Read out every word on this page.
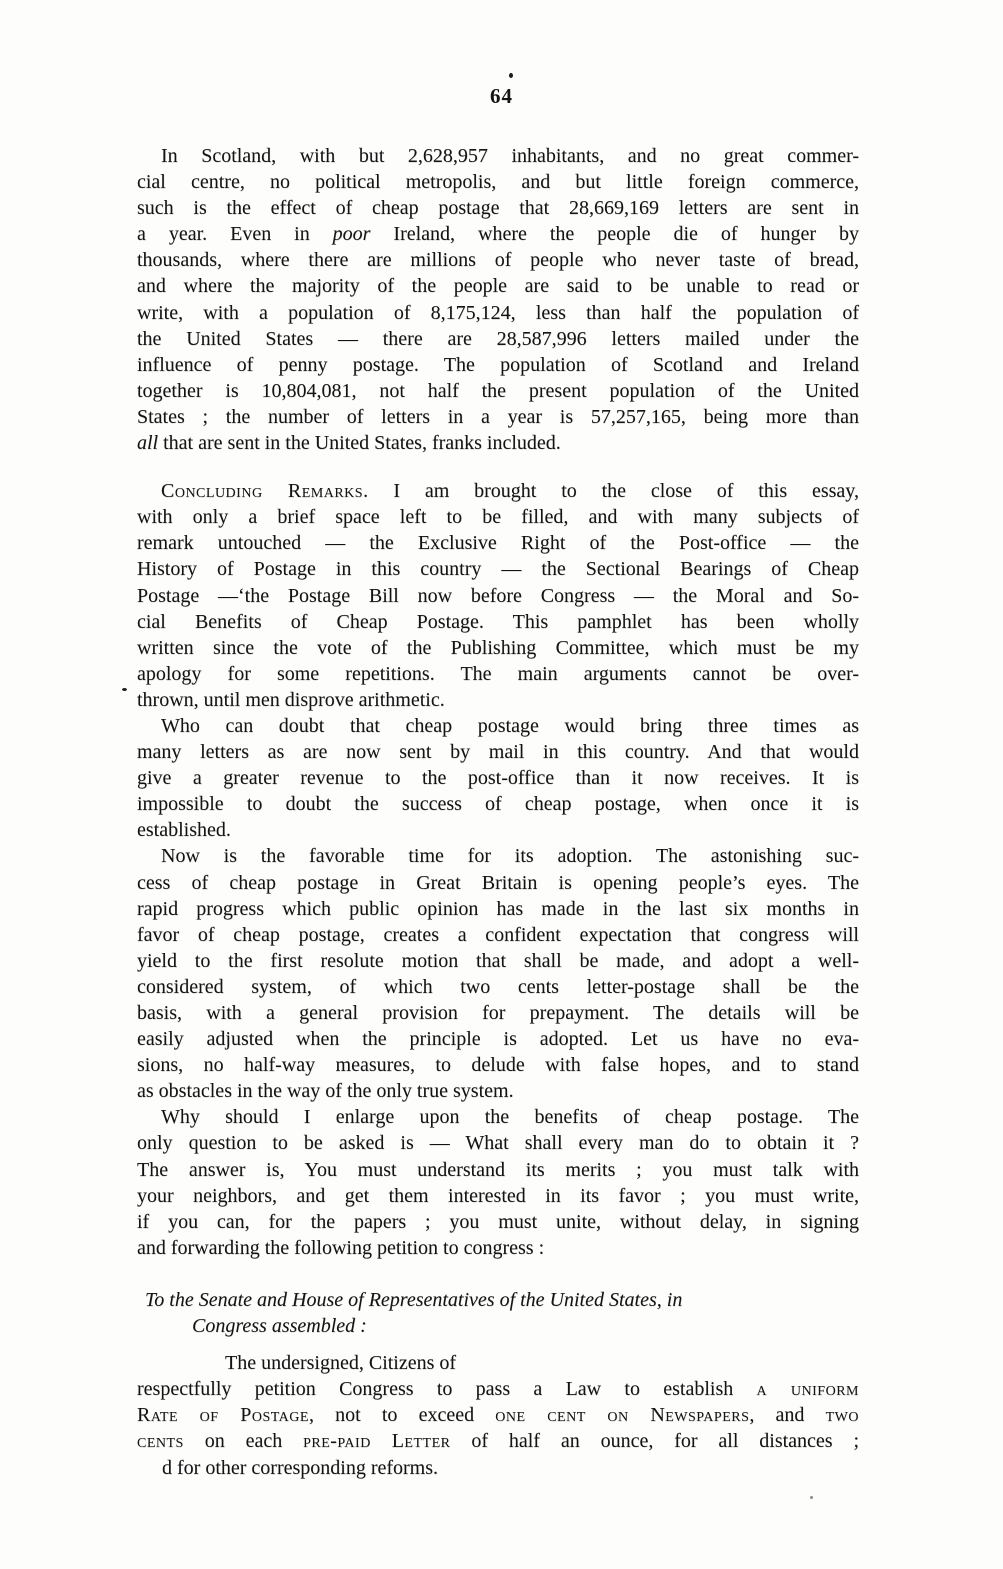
64
In Scotland, with but 2,628,957 inhabitants, and no great commer-
cial centre, no political metropolis, and but little foreign commerce,
such is the effect of cheap postage that 28,669,169 letters are sent in
a year. Even in poor Ireland, where the people die of hunger by
thousands, where there are millions of people who never taste of bread,
and where the majority of the people are said to be unable to read or
write, with a population of 8,175,124, less than half the population of
the United States — there are 28,587,996 letters mailed under the
influence of penny postage. The population of Scotland and Ireland
together is 10,804,081, not half the present population of the United
States ; the number of letters in a year is 57,257,165, being more than
all that are sent in the United States, franks included.
Concluding Remarks. I am brought to the close of this essay,
with only a brief space left to be filled, and with many subjects of
remark untouched — the Exclusive Right of the Post-office — the
History of Postage in this country — the Sectional Bearings of Cheap
Postage —‘the Postage Bill now before Congress — the Moral and So-
cial Benefits of Cheap Postage. This pamphlet has been wholly
written since the vote of the Publishing Committee, which must be my
apology for some repetitions. The main arguments cannot be over-
thrown, until men disprove arithmetic.
Who can doubt that cheap postage would bring three times as
many letters as are now sent by mail in this country. And that would
give a greater revenue to the post-office than it now receives. It is
impossible to doubt the success of cheap postage, when once it is
established.
Now is the favorable time for its adoption. The astonishing suc-
cess of cheap postage in Great Britain is opening people’s eyes. The
rapid progress which public opinion has made in the last six months in
favor of cheap postage, creates a confident expectation that congress will
yield to the first resolute motion that shall be made, and adopt a well-
considered system, of which two cents letter-postage shall be the
basis, with a general provision for prepayment. The details will be
easily adjusted when the principle is adopted. Let us have no eva-
sions, no half-way measures, to delude with false hopes, and to stand
as obstacles in the way of the only true system.
Why should I enlarge upon the benefits of cheap postage. The
only question to be asked is — What shall every man do to obtain it ?
The answer is, You must understand its merits ; you must talk with
your neighbors, and get them interested in its favor ; you must write,
if you can, for the papers ; you must unite, without delay, in signing
and forwarding the following petition to congress :
To the Senate and House of Representatives of the United States, in
Congress assembled :
The undersigned, Citizens of
respectfully petition Congress to pass a Law to establish a uniform
Rate of Postage, not to exceed one cent on Newspapers, and two
cents on each pre-paid Letter of half an ounce, for all distances ;
d for other corresponding reforms.
